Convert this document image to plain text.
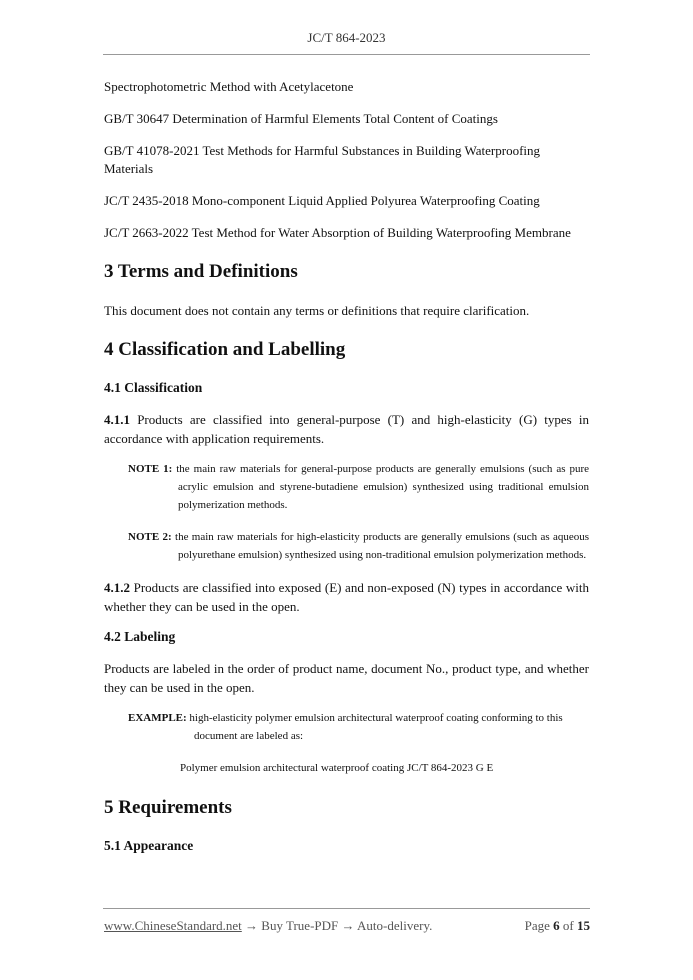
JC/T 864-2023

Spectrophotometric Method with Acetylacetone

GB/T 30647 Determination of Harmful Elements Total Content of Coatings

GB/T 41078-2021 Test Methods for Harmful Substances in Building Waterproofing Materials

JC/T 2435-2018 Mono-component Liquid Applied Polyurea Waterproofing Coating

JC/T 2663-2022 Test Method for Water Absorption of Building Waterproofing Membrane

3 Terms and Definitions

This document does not contain any terms or definitions that require clarification.

4 Classification and Labelling
4.1 Classification

4.1.1 Products are classified into general-purpose (T) and high-elasticity (G) types in accordance with application requirements.

NOTE 1: the main raw materials for general-purpose products are generally emulsions (such as pure acrylic emulsion and styrene-butadiene emulsion) synthesized using traditional emulsion polymerization methods.

NOTE 2: the main raw materials for high-elasticity products are generally emulsions (such as aqueous polyurethane emulsion) synthesized using non-traditional emulsion polymerization methods.

4.1.2 Products are classified into exposed (E) and non-exposed (N) types in accordance with whether they can be used in the open.

4.2 Labeling

Products are labeled in the order of product name, document No., product type, and whether they can be used in the open.

EXAMPLE: high-elasticity polymer emulsion architectural waterproof coating conforming to this document are labeled as:

Polymer emulsion architectural waterproof coating JC/T 864-2023 G E

5 Requirements
5.1 Appearance
www.ChineseStandard.net → Buy True-PDF → Auto-delivery.	Page 6 of 15
